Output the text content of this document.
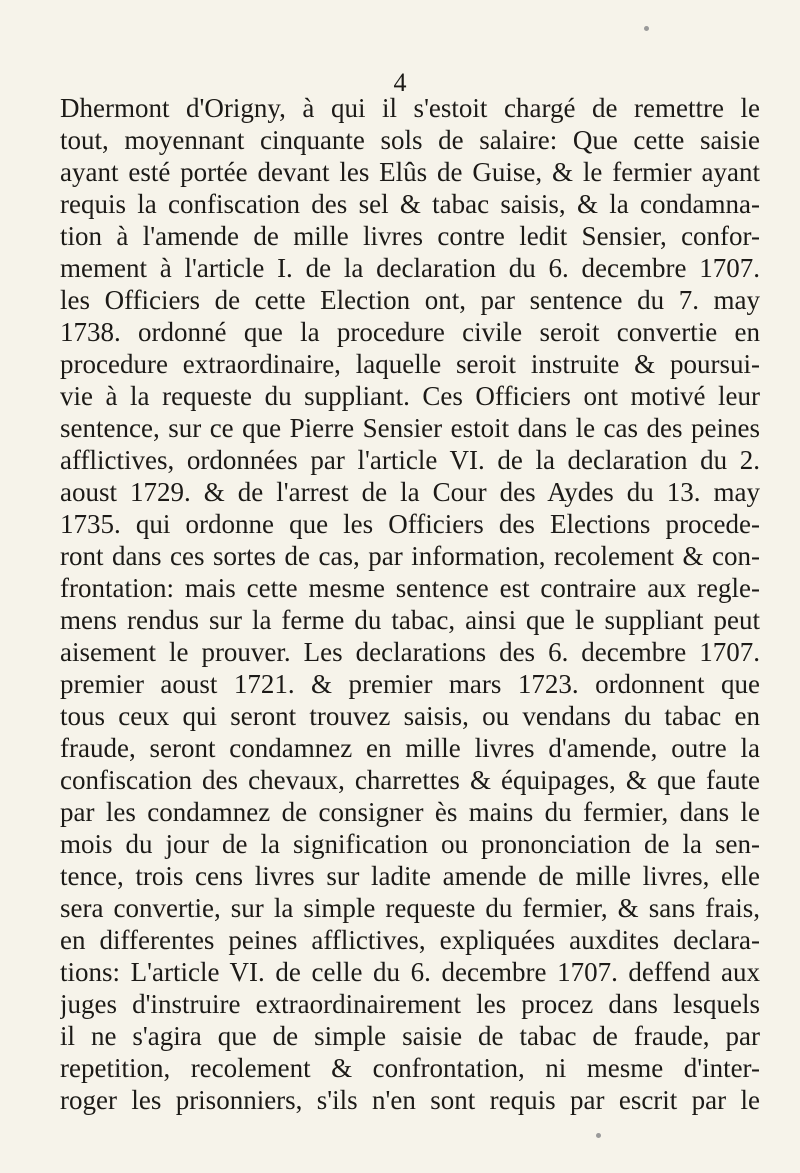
4
Dhermont d'Origny, à qui il s'estoit chargé de remettre le
tout, moyennant cinquante sols de salaire: Que cette saisie
ayant esté portée devant les Elûs de Guise, & le fermier ayant
requis la confiscation des sel & tabac saisis, & la condamna-
tion à l'amende de mille livres contre ledit Sensier, confor-
mement à l'article I. de la declaration du 6. decembre 1707.
les Officiers de cette Election ont, par sentence du 7. may
1738. ordonné que la procedure civile seroit convertie en
procedure extraordinaire, laquelle seroit instruite & poursui-
vie à la requeste du suppliant. Ces Officiers ont motivé leur
sentence, sur ce que Pierre Sensier estoit dans le cas des peines
afflictives, ordonnées par l'article VI. de la declaration du 2.
aoust 1729. & de l'arrest de la Cour des Aydes du 13. may
1735. qui ordonne que les Officiers des Elections procede-
ront dans ces sortes de cas, par information, recolement & con-
frontation: mais cette mesme sentence est contraire aux regle-
mens rendus sur la ferme du tabac, ainsi que le suppliant peut
aisement le prouver. Les declarations des 6. decembre 1707.
premier aoust 1721. & premier mars 1723. ordonnent que
tous ceux qui seront trouvez saisis, ou vendans du tabac en
fraude, seront condamnez en mille livres d'amende, outre la
confiscation des chevaux, charrettes & équipages, & que faute
par les condamnez de consigner ès mains du fermier, dans le
mois du jour de la signification ou prononciation de la sen-
tence, trois cens livres sur ladite amende de mille livres, elle
sera convertie, sur la simple requeste du fermier, & sans frais,
en differentes peines afflictives, expliquées auxdites declara-
tions: L'article VI. de celle du 6. decembre 1707. deffend aux
juges d'instruire extraordinairement les procez dans lesquels
il ne s'agira que de simple saisie de tabac de fraude, par
repetition, recolement & confrontation, ni mesme d'inter-
roger les prisonniers, s'ils n'en sont requis par escrit par le
